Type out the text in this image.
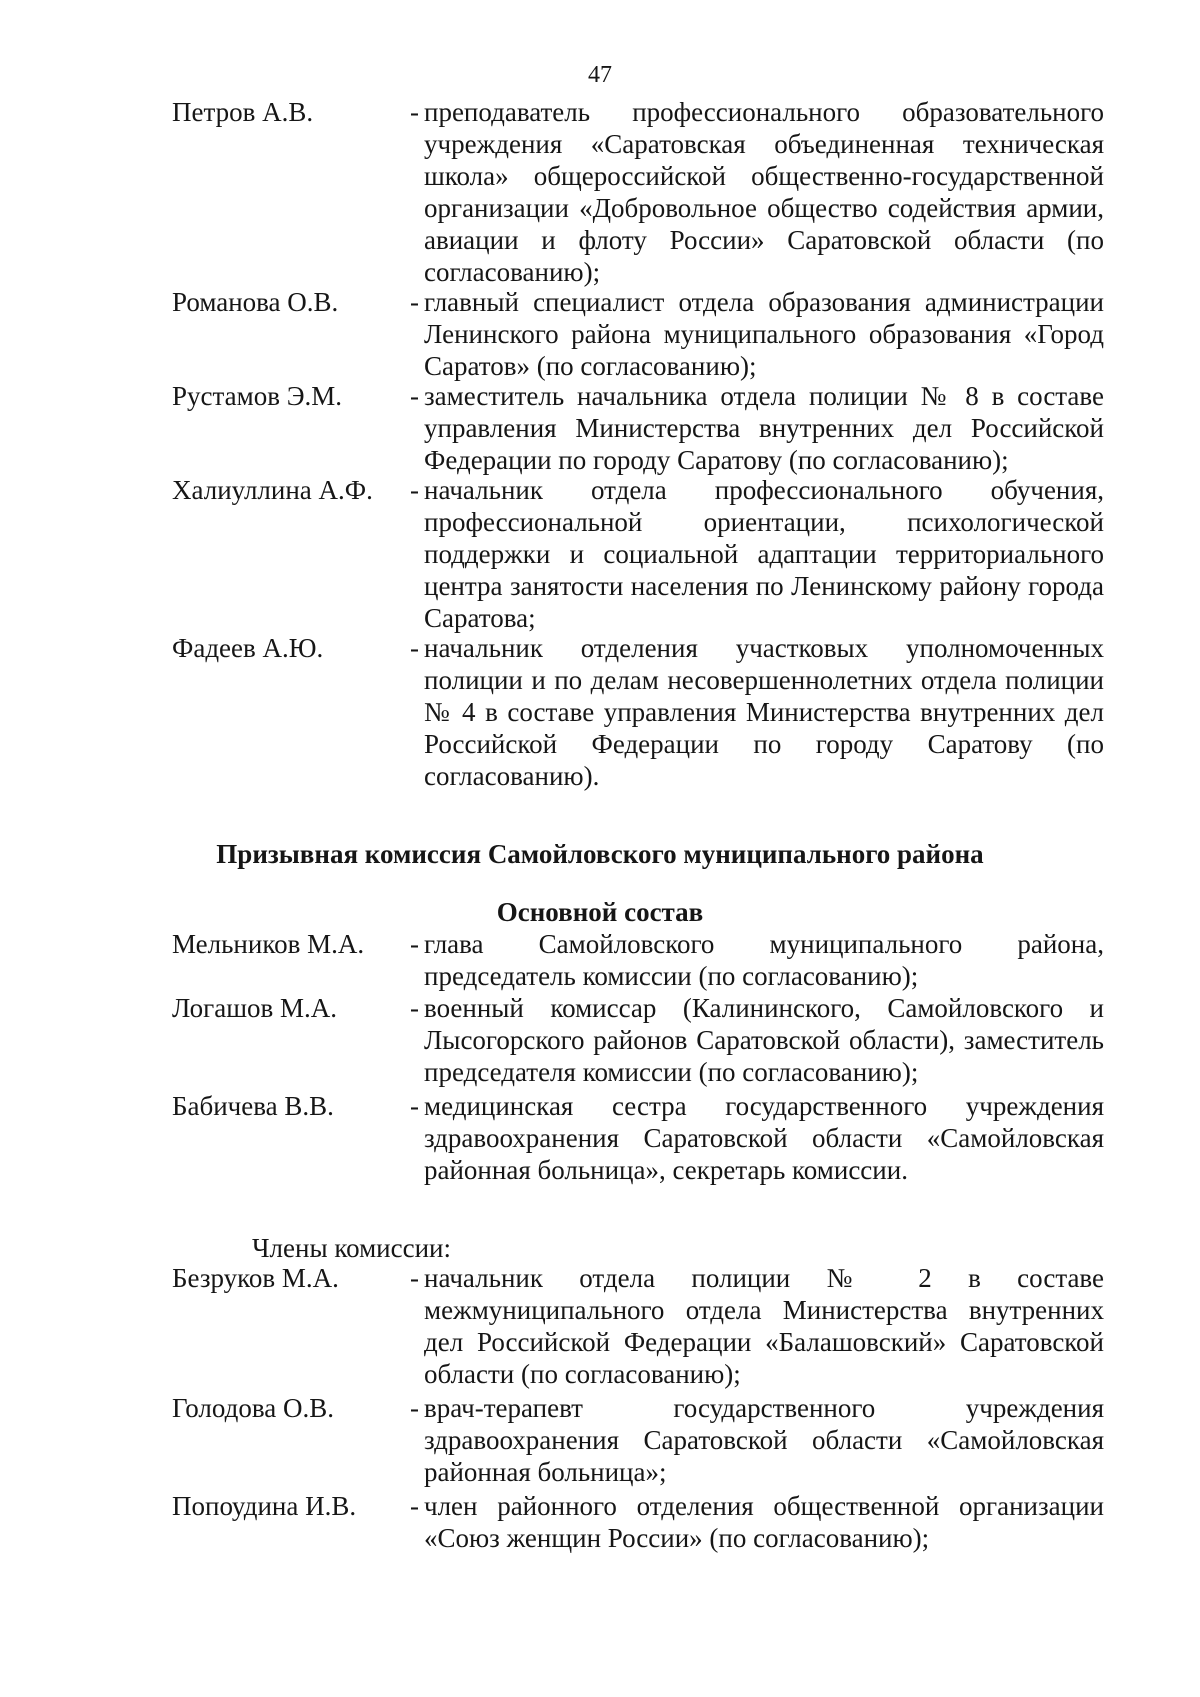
47
Петров А.В.	- преподаватель профессионального образовательного учреждения «Саратовская объединенная техническая школа» общероссийской общественно-государственной организации «Добровольное общество содействия армии, авиации и флоту России» Саратовской области (по согласованию);
Романова О.В.	- главный специалист отдела образования администрации Ленинского района муниципального образования «Город Саратов» (по согласованию);
Рустамов Э.М.	- заместитель начальника отдела полиции № 8 в составе управления Министерства внутренних дел Российской Федерации по городу Саратову (по согласованию);
Халиуллина А.Ф.	- начальник отдела профессионального обучения, профессиональной ориентации, психологической поддержки и социальной адаптации территориального центра занятости населения по Ленинскому району города Саратова;
Фадеев А.Ю.	- начальник отделения участковых уполномоченных полиции и по делам несовершеннолетних отдела полиции № 4 в составе управления Министерства внутренних дел Российской Федерации по городу Саратову (по согласованию).
Призывная комиссия Самойловского муниципального района
Основной состав
Мельников М.А.	- глава Самойловского муниципального района, председатель комиссии (по согласованию);
Логашов М.А.	- военный комиссар (Калининского, Самойловского и Лысогорского районов Саратовской области), заместитель председателя комиссии (по согласованию);
Бабичева В.В.	- медицинская сестра государственного учреждения здравоохранения Саратовской области «Самойловская районная больница», секретарь комиссии.
Члены комиссии:
Безруков М.А.	- начальник отдела полиции № 2 в составе межмуниципального отдела Министерства внутренних дел Российской Федерации «Балашовский» Саратовской области (по согласованию);
Голодова О.В.	- врач-терапевт государственного учреждения здравоохранения Саратовской области «Самойловская районная больница»;
Попоудина И.В.	- член районного отделения общественной организации «Союз женщин России» (по согласованию);
